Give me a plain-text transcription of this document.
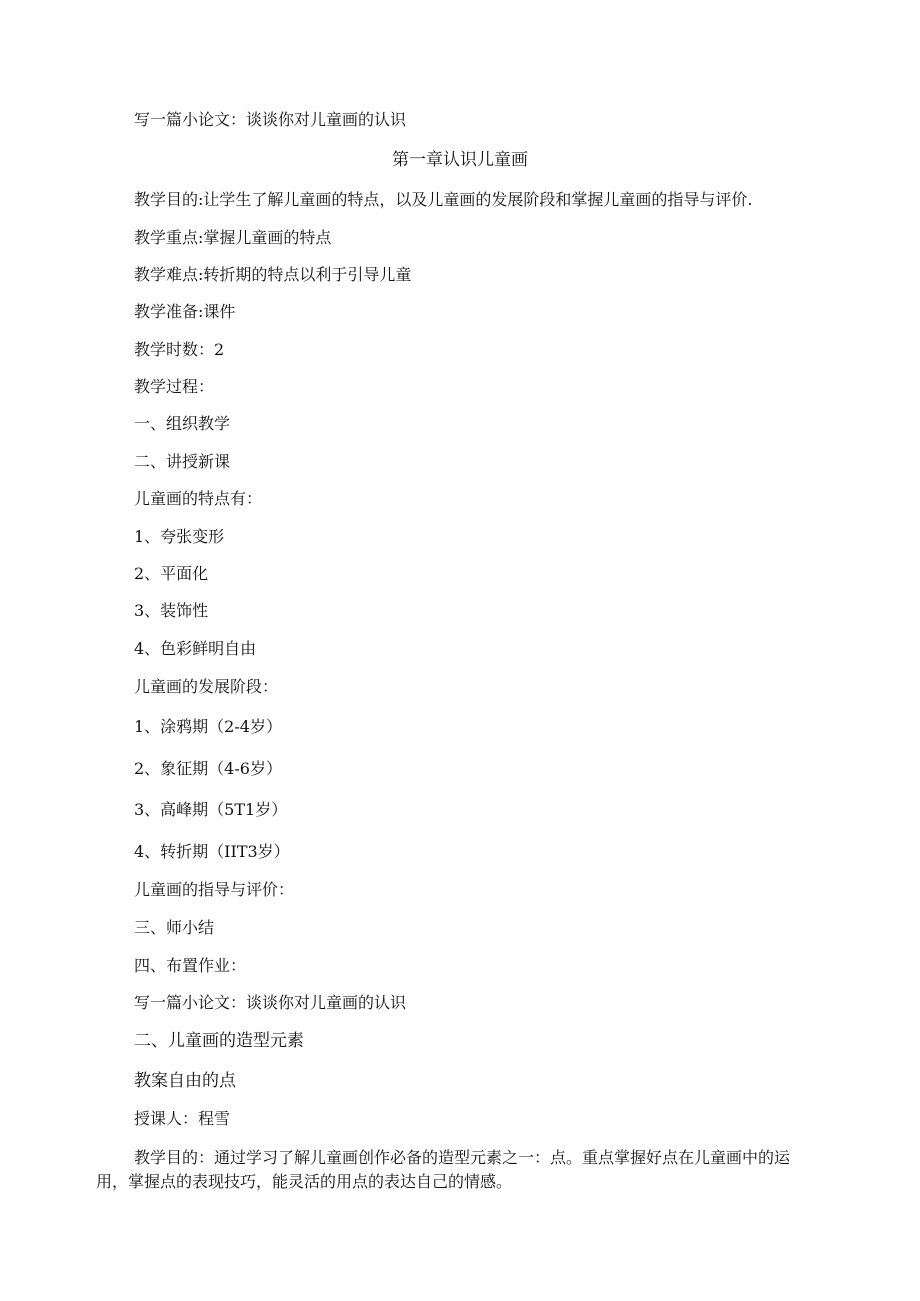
写一篇小论文：谈谈你对儿童画的认识

第一章认识儿童画

教学目的:让学生了解儿童画的特点，以及儿童画的发展阶段和掌握儿童画的指导与评价.

教学重点:掌握儿童画的特点

教学难点:转折期的特点以利于引导儿童

教学准备:课件

教学时数：2

教学过程：

一、组织教学

二、讲授新课

儿童画的特点有：

1、夸张变形

2、平面化

3、装饰性

4、色彩鲜明自由

儿童画的发展阶段：

1、涂鸦期（2-4岁）

2、象征期（4-6岁）

3、高峰期（5T1岁）

4、转折期（IIT3岁）

儿童画的指导与评价：

三、师小结

四、布置作业：

写一篇小论文：谈谈你对儿童画的认识

二、儿童画的造型元素

教案自由的点

授课人：程雪

教学目的：通过学习了解儿童画创作必备的造型元素之一：点。重点掌握好点在儿童画中的运用，掌握点的表现技巧，能灵活的用点的表达自己的情感。
